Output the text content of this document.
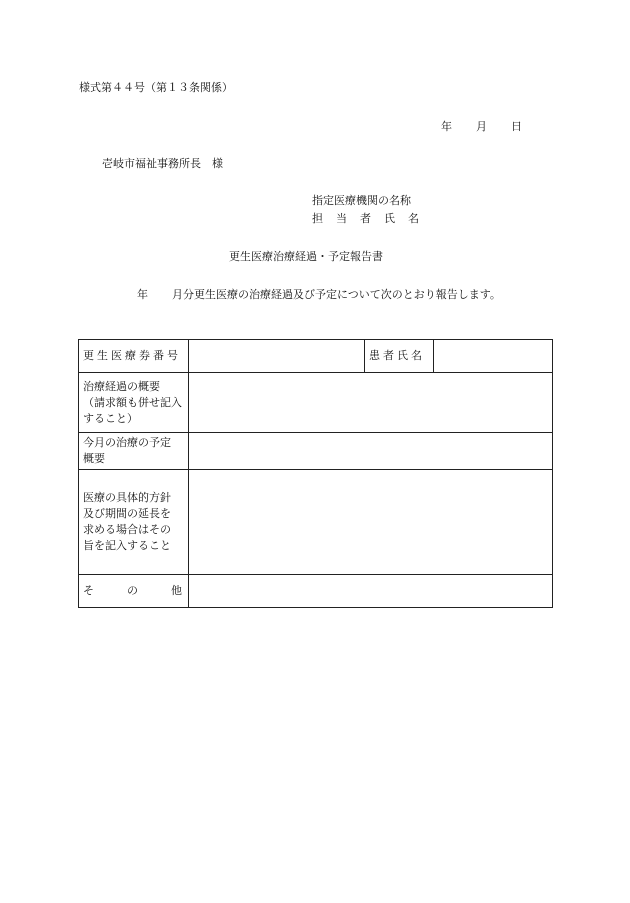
様式第４４号（第１３条関係）
年 月 日
壱岐市福祉事務所長　様
指定医療機関の名称
担 当 者 氏 名
更生医療治療経過・予定報告書
年 月分更生医療の治療経過及び予定について次のとおり報告します。
更生医療券番号		患者氏名	
治療経過の概要
（請求額も併せ記入
すること）			
今月の治療の予定
概要			
医療の具体的方針
及び期間の延長を
求める場合はその
旨を記入すること			

そ の 他			
